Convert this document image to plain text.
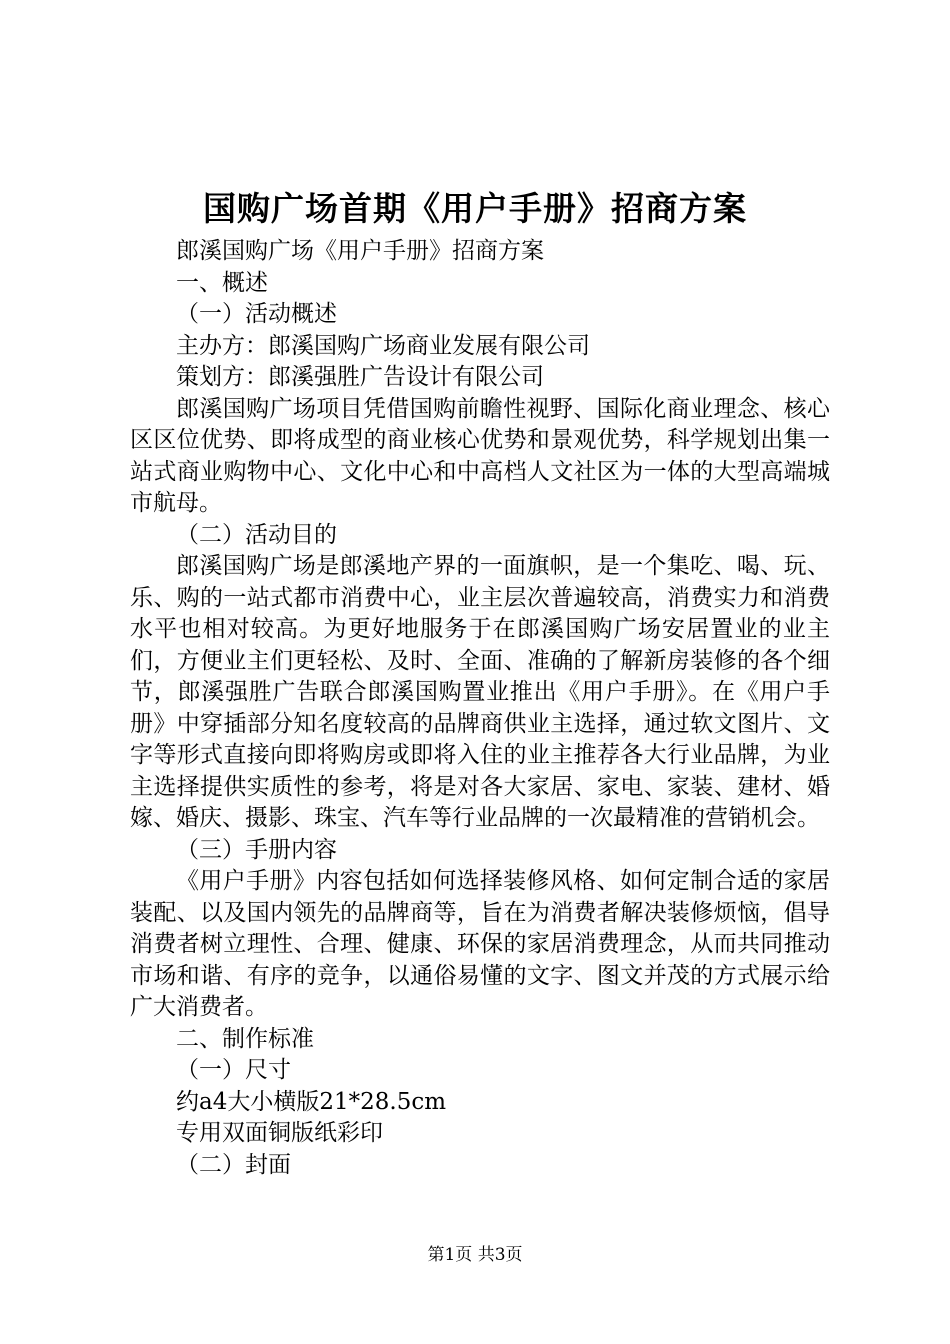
国购广场首期《用户手册》招商方案

郎溪国购广场《用户手册》招商方案

一、概述

（一）活动概述

主办方：郎溪国购广场商业发展有限公司

策划方：郎溪强胜广告设计有限公司

郎溪国购广场项目凭借国购前瞻性视野、国际化商业理念、核心区区位优势、即将成型的商业核心优势和景观优势，科学规划出集一站式商业购物中心、文化中心和中高档人文社区为一体的大型高端城市航母。

（二）活动目的

郎溪国购广场是郎溪地产界的一面旗帜，是一个集吃、喝、玩、乐、购的一站式都市消费中心，业主层次普遍较高，消费实力和消费水平也相对较高。为更好地服务于在郎溪国购广场安居置业的业主们，方便业主们更轻松、及时、全面、准确的了解新房装修的各个细节，郎溪强胜广告联合郎溪国购置业推出《用户手册》。在《用户手册》中穿插部分知名度较高的品牌商供业主选择，通过软文图片、文字等形式直接向即将购房或即将入住的业主推荐各大行业品牌，为业主选择提供实质性的参考，将是对各大家居、家电、家装、建材、婚嫁、婚庆、摄影、珠宝、汽车等行业品牌的一次最精准的营销机会。

（三）手册内容

《用户手册》内容包括如何选择装修风格、如何定制合适的家居装配、以及国内领先的品牌商等，旨在为消费者解决装修烦恼，倡导消费者树立理性、合理、健康、环保的家居消费理念，从而共同推动市场和谐、有序的竞争，以通俗易懂的文字、图文并茂的方式展示给广大消费者。

二、制作标准

（一）尺寸

约a4大小横版21*28.5cm

专用双面铜版纸彩印

（二）封面

第1页 共3页
